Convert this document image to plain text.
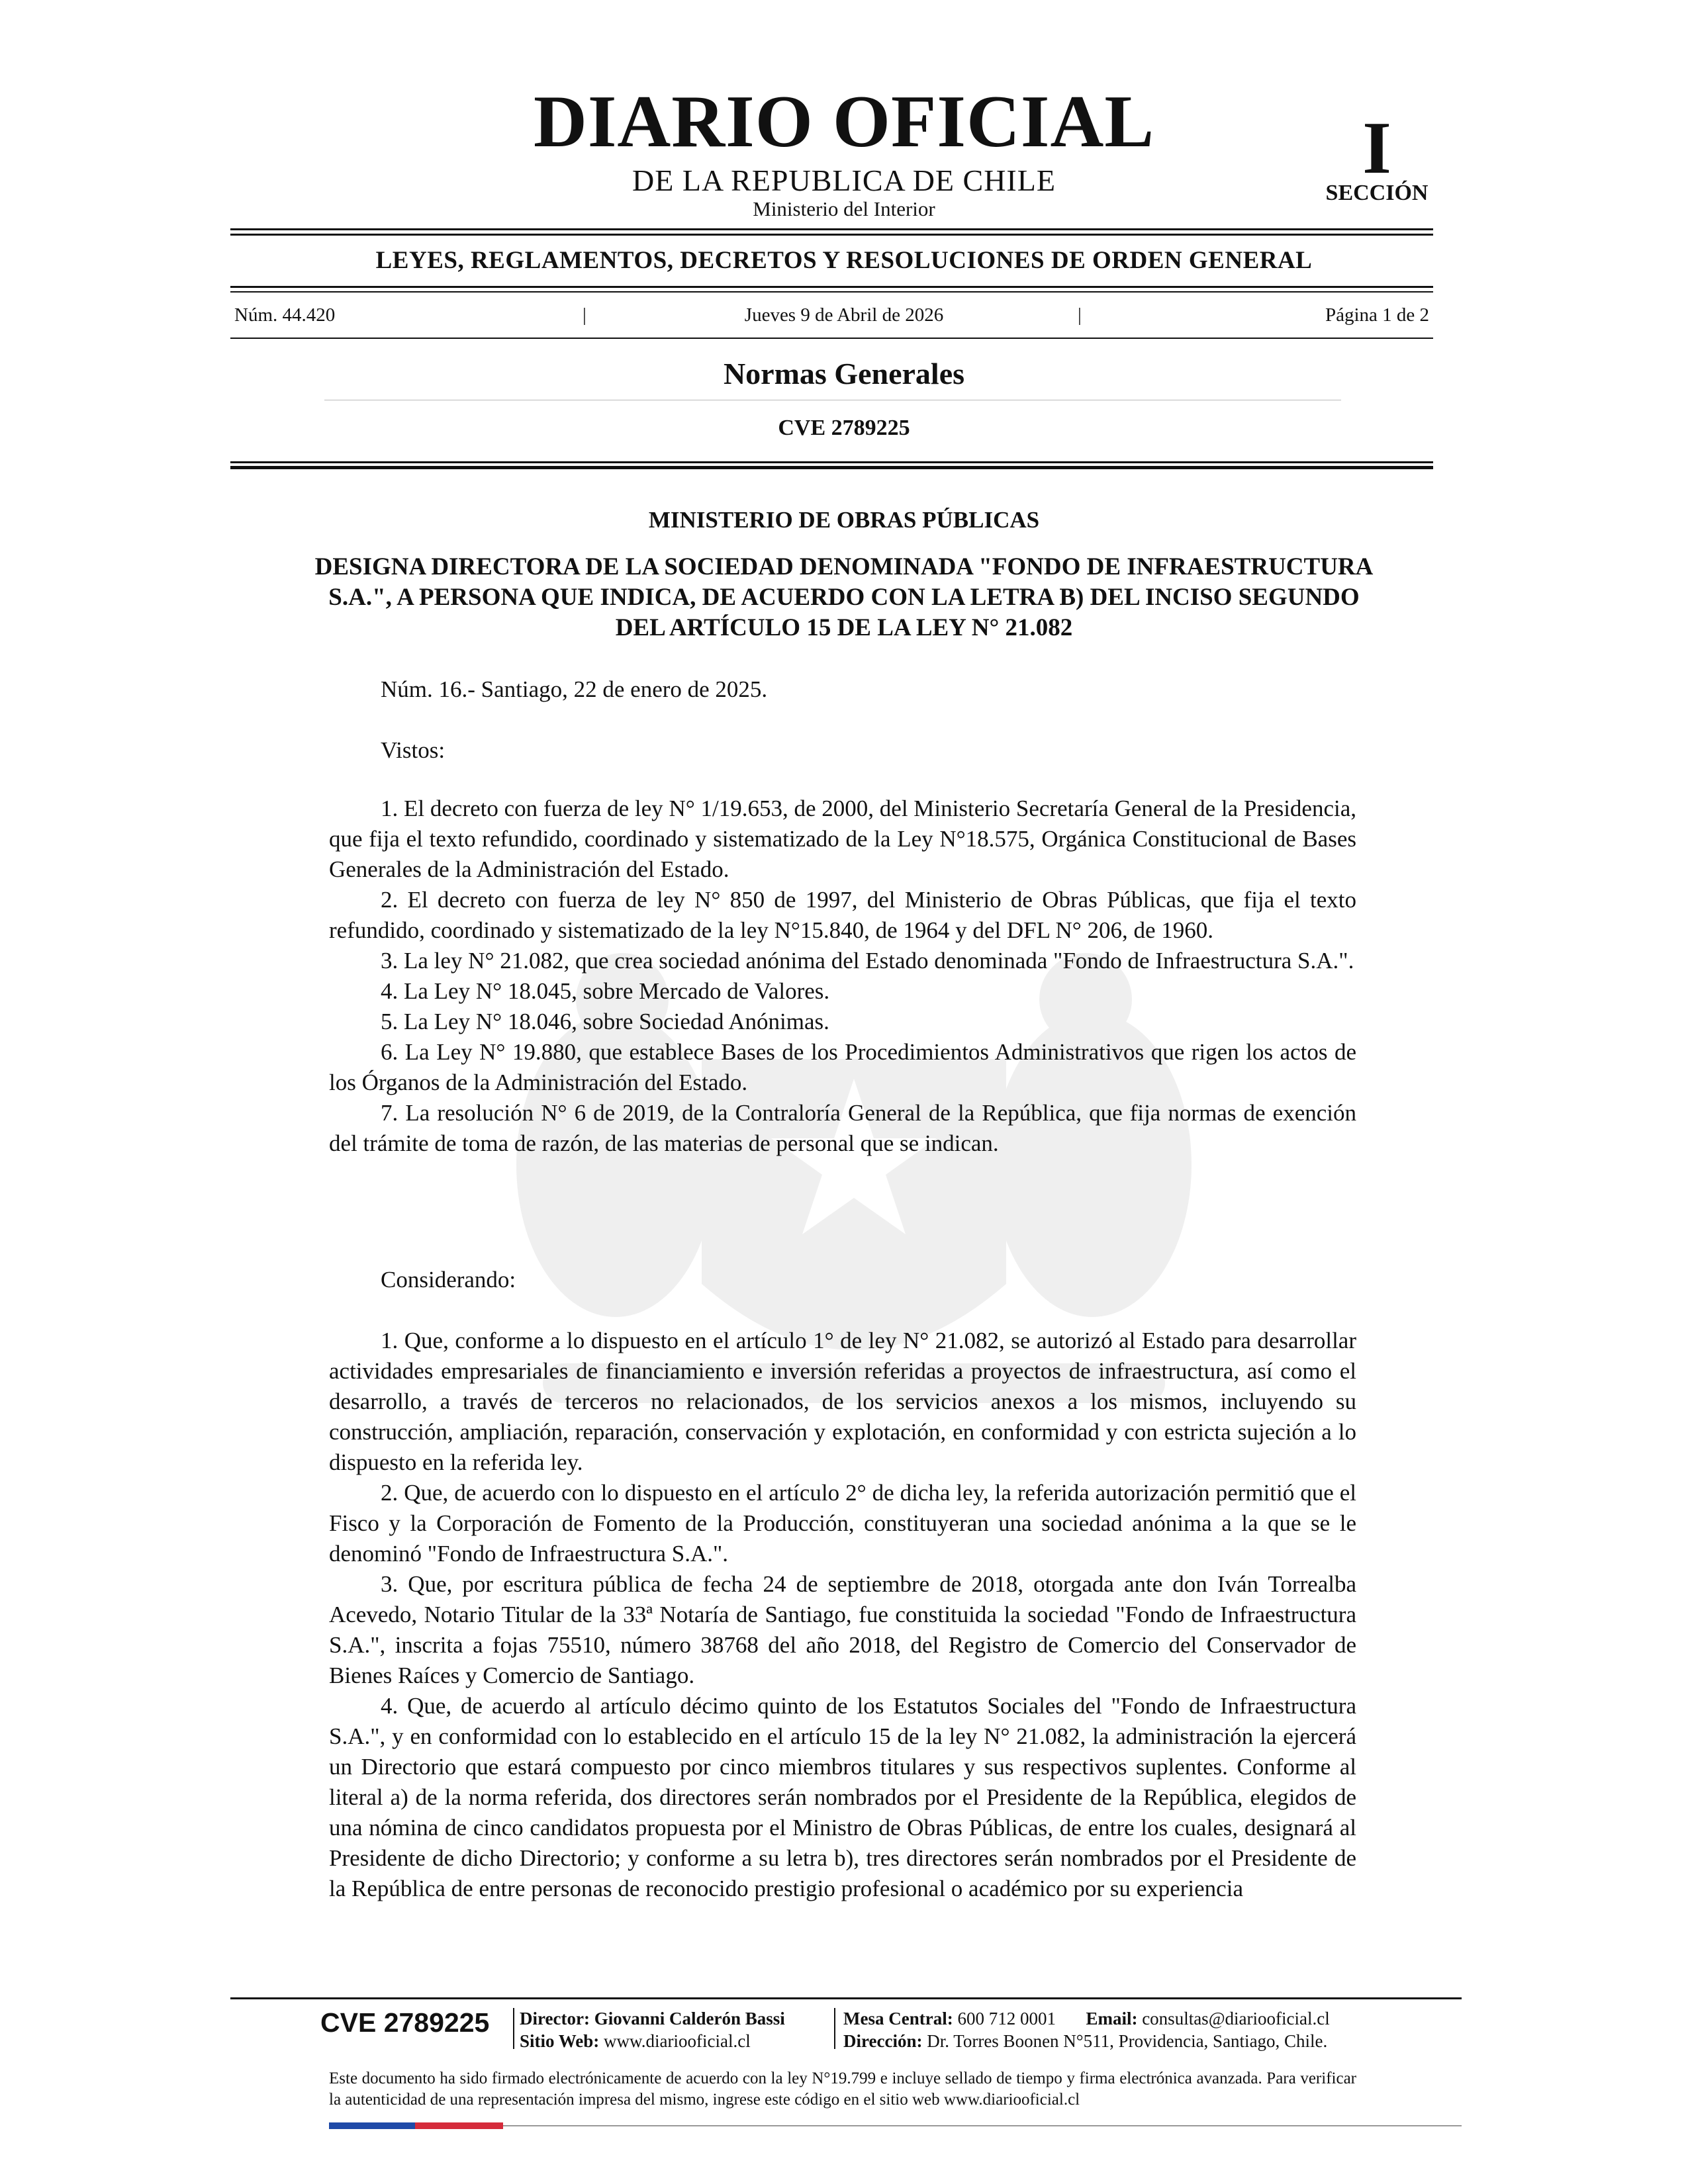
DIARIO OFICIAL
DE LA REPUBLICA DE CHILE
Ministerio del Interior
I
SECCIÓN
LEYES, REGLAMENTOS, DECRETOS Y RESOLUCIONES DE ORDEN GENERAL
Núm. 44.420	|	Jueves 9 de Abril de 2026	|	Página 1 de 2
Normas Generales
CVE 2789225
MINISTERIO DE OBRAS PÚBLICAS
DESIGNA DIRECTORA DE LA SOCIEDAD DENOMINADA "FONDO DE INFRAESTRUCTURA S.A.", A PERSONA QUE INDICA, DE ACUERDO CON LA LETRA B) DEL INCISO SEGUNDO DEL ARTÍCULO 15 DE LA LEY N° 21.082
Núm. 16.- Santiago, 22 de enero de 2025.
Vistos:

1. El decreto con fuerza de ley N° 1/19.653, de 2000, del Ministerio Secretaría General de la Presidencia, que fija el texto refundido, coordinado y sistematizado de la Ley N°18.575, Orgánica Constitucional de Bases Generales de la Administración del Estado.

2. El decreto con fuerza de ley N° 850 de 1997, del Ministerio de Obras Públicas, que fija el texto refundido, coordinado y sistematizado de la ley N°15.840, de 1964 y del DFL N° 206, de 1960.

3. La ley N° 21.082, que crea sociedad anónima del Estado denominada "Fondo de Infraestructura S.A.".

4. La Ley N° 18.045, sobre Mercado de Valores.

5. La Ley N° 18.046, sobre Sociedad Anónimas.

6. La Ley N° 19.880, que establece Bases de los Procedimientos Administrativos que rigen los actos de los Órganos de la Administración del Estado.

7. La resolución N° 6 de 2019, de la Contraloría General de la República, que fija normas de exención del trámite de toma de razón, de las materias de personal que se indican.

Considerando:

1. Que, conforme a lo dispuesto en el artículo 1° de ley N° 21.082, se autorizó al Estado para desarrollar actividades empresariales de financiamiento e inversión referidas a proyectos de infraestructura, así como el desarrollo, a través de terceros no relacionados, de los servicios anexos a los mismos, incluyendo su construcción, ampliación, reparación, conservación y explotación, en conformidad y con estricta sujeción a lo dispuesto en la referida ley.

2. Que, de acuerdo con lo dispuesto en el artículo 2° de dicha ley, la referida autorización permitió que el Fisco y la Corporación de Fomento de la Producción, constituyeran una sociedad anónima a la que se le denominó "Fondo de Infraestructura S.A.".

3. Que, por escritura pública de fecha 24 de septiembre de 2018, otorgada ante don Iván Torrealba Acevedo, Notario Titular de la 33ª Notaría de Santiago, fue constituida la sociedad "Fondo de Infraestructura S.A.", inscrita a fojas 75510, número 38768 del año 2018, del Registro de Comercio del Conservador de Bienes Raíces y Comercio de Santiago.

4. Que, de acuerdo al artículo décimo quinto de los Estatutos Sociales del "Fondo de Infraestructura S.A.", y en conformidad con lo establecido en el artículo 15 de la ley N° 21.082, la administración la ejercerá un Directorio que estará compuesto por cinco miembros titulares y sus respectivos suplentes. Conforme al literal a) de la norma referida, dos directores serán nombrados por el Presidente de la República, elegidos de una nómina de cinco candidatos propuesta por el Ministro de Obras Públicas, de entre los cuales, designará al Presidente de dicho Directorio; y conforme a su letra b), tres directores serán nombrados por el Presidente de la República de entre personas de reconocido prestigio profesional o académico por su experiencia

CVE 2789225 Director: Giovanni Calderón Bassi
Sitio Web: www.diariooficial.cl
Mesa Central: 600 712 0001 Email: consultas@diariooficial.cl
Dirección: Dr. Torres Boonen N°511, Providencia, Santiago, Chile.
Este documento ha sido firmado electrónicamente de acuerdo con la ley N°19.799 e incluye sellado de tiempo y firma electrónica avanzada. Para verificar la autenticidad de una representación impresa del mismo, ingrese este código en el sitio web www.diariooficial.cl
